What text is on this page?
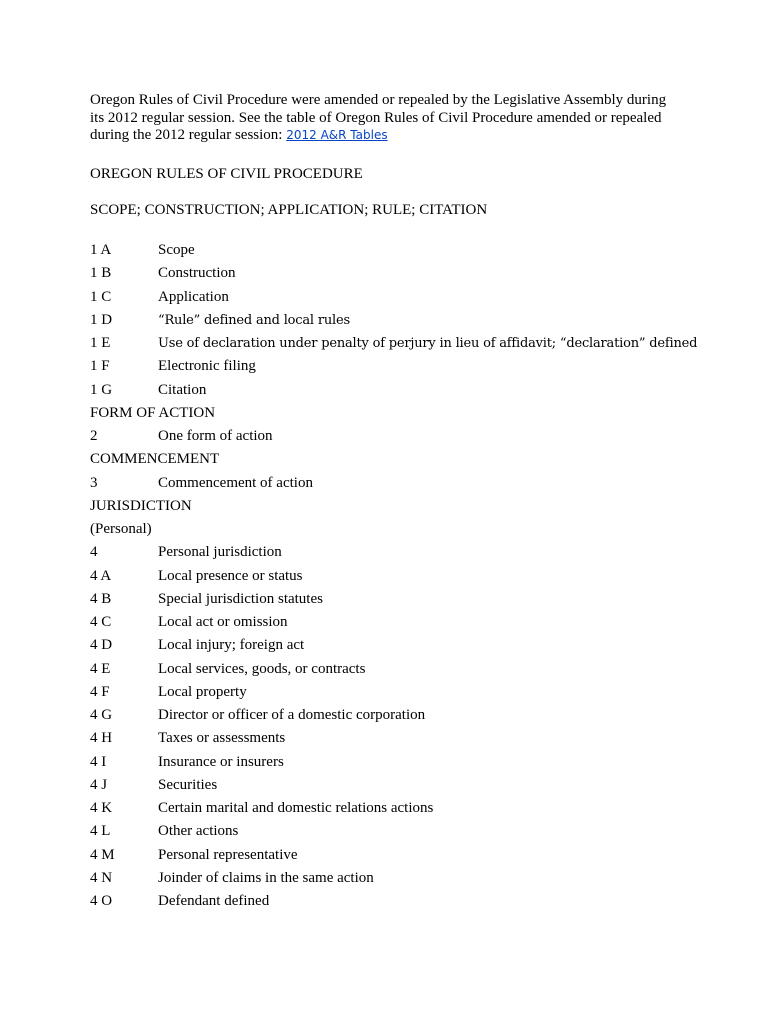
Oregon Rules of Civil Procedure were amended or repealed by the Legislative Assembly during its 2012 regular session. See the table of Oregon Rules of Civil Procedure amended or repealed during the 2012 regular session: 2012 A&R Tables

OREGON RULES OF CIVIL PROCEDURE
SCOPE; CONSTRUCTION; APPLICATION; RULE; CITATION
1 A	Scope
1 B	Construction
1 C	Application
1 D	“Rule” defined and local rules
1 E	Use of declaration under penalty of perjury in lieu of affidavit; “declaration” defined
1 F	Electronic filing
1 G	Citation
FORM OF ACTION
2	One form of action
COMMENCEMENT
3	Commencement of action
JURISDICTION
(Personal)
4	Personal jurisdiction
4 A	Local presence or status
4 B	Special jurisdiction statutes
4 C	Local act or omission
4 D	Local injury; foreign act
4 E	Local services, goods, or contracts
4 F	Local property
4 G	Director or officer of a domestic corporation
4 H	Taxes or assessments
4 I	Insurance or insurers
4 J	Securities
4 K	Certain marital and domestic relations actions
4 L	Other actions
4 M	Personal representative
4 N	Joinder of claims in the same action
4 O	Defendant defined
